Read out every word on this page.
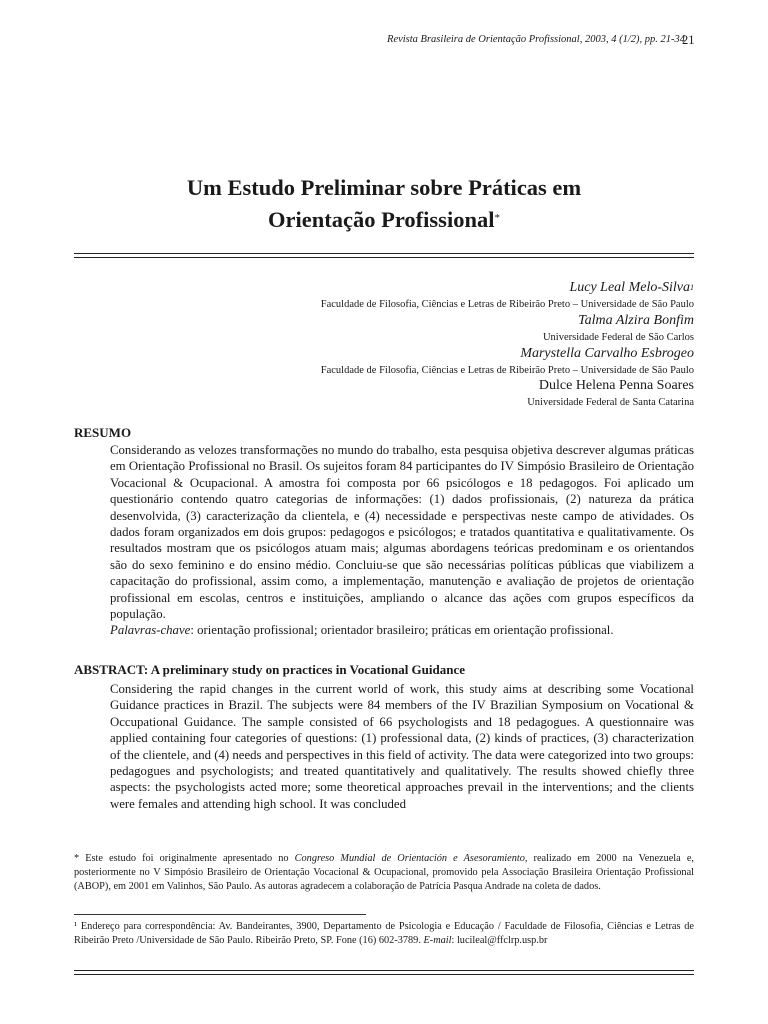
Revista Brasileira de Orientação Profissional, 2003, 4 (1/2), pp. 21-34
21
Um Estudo Preliminar sobre Práticas em
Orientação Profissional*
Lucy Leal Melo-Silva$^1$
Faculdade de Filosofia, Ciências e Letras de Ribeirão Preto – Universidade de São Paulo
Talma Alzira Bonfim
Universidade Federal de São Carlos
Marystella Carvalho Esbrogeo
Faculdade de Filosofia, Ciências e Letras de Ribeirão Preto – Universidade de São Paulo
Dulce Helena Penna Soares
Universidade Federal de Santa Catarina
RESUMO
Considerando as velozes transformações no mundo do trabalho, esta pesquisa objetiva descrever algumas práticas em Orientação Profissional no Brasil. Os sujeitos foram 84 participantes do IV Simpósio Brasileiro de Orientação Vocacional & Ocupacional. A amostra foi composta por 66 psicólogos e 18 pedagogos. Foi aplicado um questionário contendo quatro categorias de informações: (1) dados profissionais, (2) natureza da prática desenvolvida, (3) caracterização da clientela, e (4) necessidade e perspectivas neste campo de atividades. Os dados foram organizados em dois grupos: pedagogos e psicólogos; e tratados quantitativa e qualitativamente. Os resultados mostram que os psicólogos atuam mais; algumas abordagens teóricas predominam e os orientandos são do sexo feminino e do ensino médio. Concluiu-se que são necessárias políticas públicas que viabilizem a capacitação do profissional, assim como, a implementação, manutenção e avaliação de projetos de orientação profissional em escolas, centros e instituições, ampliando o alcance das ações com grupos específicos da população.
Palavras-chave: orientação profissional; orientador brasileiro; práticas em orientação profissional.
ABSTRACT: A preliminary study on practices in Vocational Guidance
Considering the rapid changes in the current world of work, this study aims at describing some Vocational Guidance practices in Brazil. The subjects were 84 members of the IV Brazilian Symposium on Vocational & Occupational Guidance. The sample consisted of 66 psychologists and 18 pedagogues. A questionnaire was applied containing four categories of questions: (1) professional data, (2) kinds of practices, (3) characterization of the clientele, and (4) needs and perspectives in this field of activity. The data were categorized into two groups: pedagogues and psychologists; and treated quantitatively and qualitatively. The results showed chiefly three aspects: the psychologists acted more; some theoretical approaches prevail in the interventions; and the clients were females and attending high school. It was concluded
* Este estudo foi originalmente apresentado no Congreso Mundial de Orientación e Asesoramiento, realizado em 2000 na Venezuela e, posteriormente no V Simpósio Brasileiro de Orientação Vocacional & Ocupacional, promovido pela Associação Brasileira Orientação Profissional (ABOP), em 2001 em Valinhos, São Paulo. As autoras agradecem a colaboração de Patrícia Pasqua Andrade na coleta de dados.
¹ Endereço para correspondência: Av. Bandeirantes, 3900, Departamento de Psicologia e Educação / Faculdade de Filosofia, Ciências e Letras de Ribeirão Preto /Universidade de São Paulo. Ribeirão Preto, SP. Fone (16) 602-3789. E-mail: lucileal@ffclrp.usp.br
